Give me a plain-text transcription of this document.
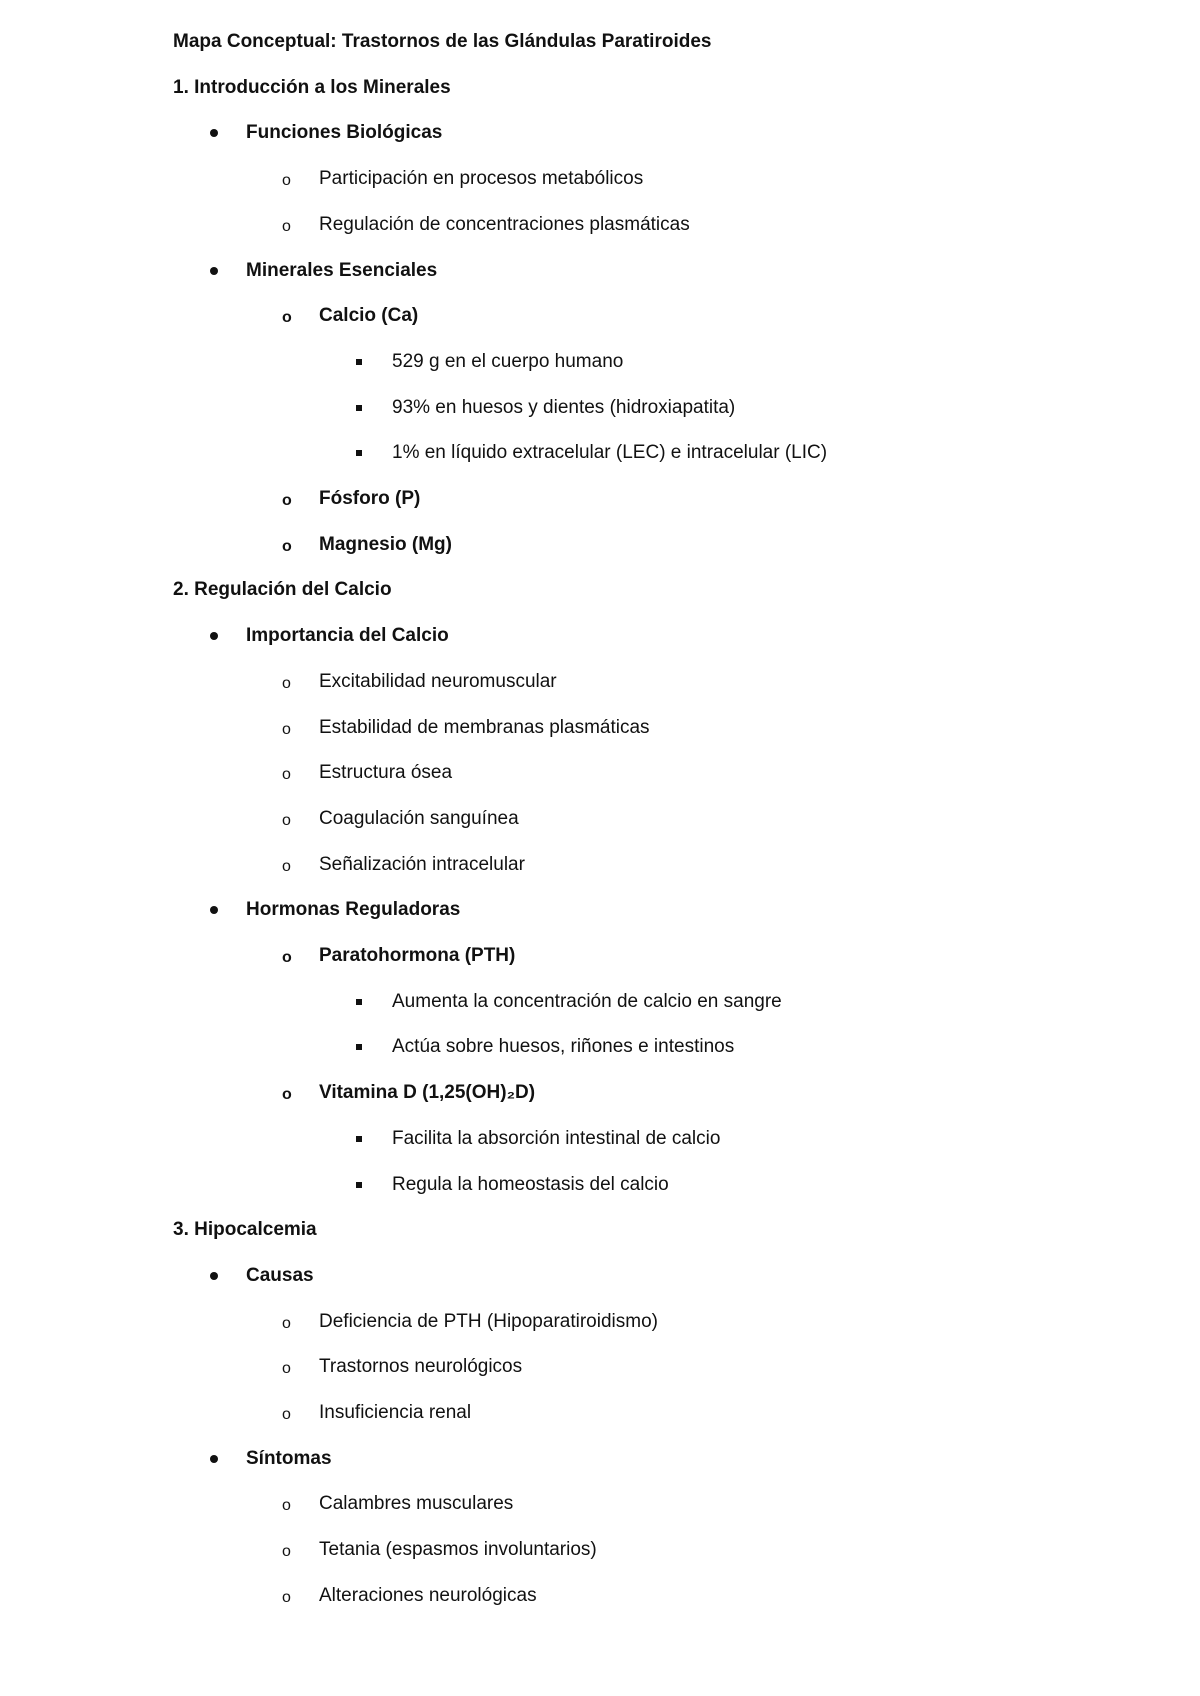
Mapa Conceptual: Trastornos de las Glándulas Paratiroides
1. Introducción a los Minerales
Funciones Biológicas
o Participación en procesos metabólicos
o Regulación de concentraciones plasmáticas
Minerales Esenciales
o Calcio (Ca)
529 g en el cuerpo humano
93% en huesos y dientes (hidroxiapatita)
1% en líquido extracelular (LEC) e intracelular (LIC)
o Fósforo (P)
o Magnesio (Mg)
2. Regulación del Calcio
Importancia del Calcio
o Excitabilidad neuromuscular
o Estabilidad de membranas plasmáticas
o Estructura ósea
o Coagulación sanguínea
o Señalización intracelular
Hormonas Reguladoras
o Paratohormona (PTH)
Aumenta la concentración de calcio en sangre
Actúa sobre huesos, riñones e intestinos
o Vitamina D (1,25(OH)₂D)
Facilita la absorción intestinal de calcio
Regula la homeostasis del calcio
3. Hipocalcemia
Causas
o Deficiencia de PTH (Hipoparatiroidismo)
o Trastornos neurológicos
o Insuficiencia renal
Síntomas
o Calambres musculares
o Tetania (espasmos involuntarios)
o Alteraciones neurológicas
